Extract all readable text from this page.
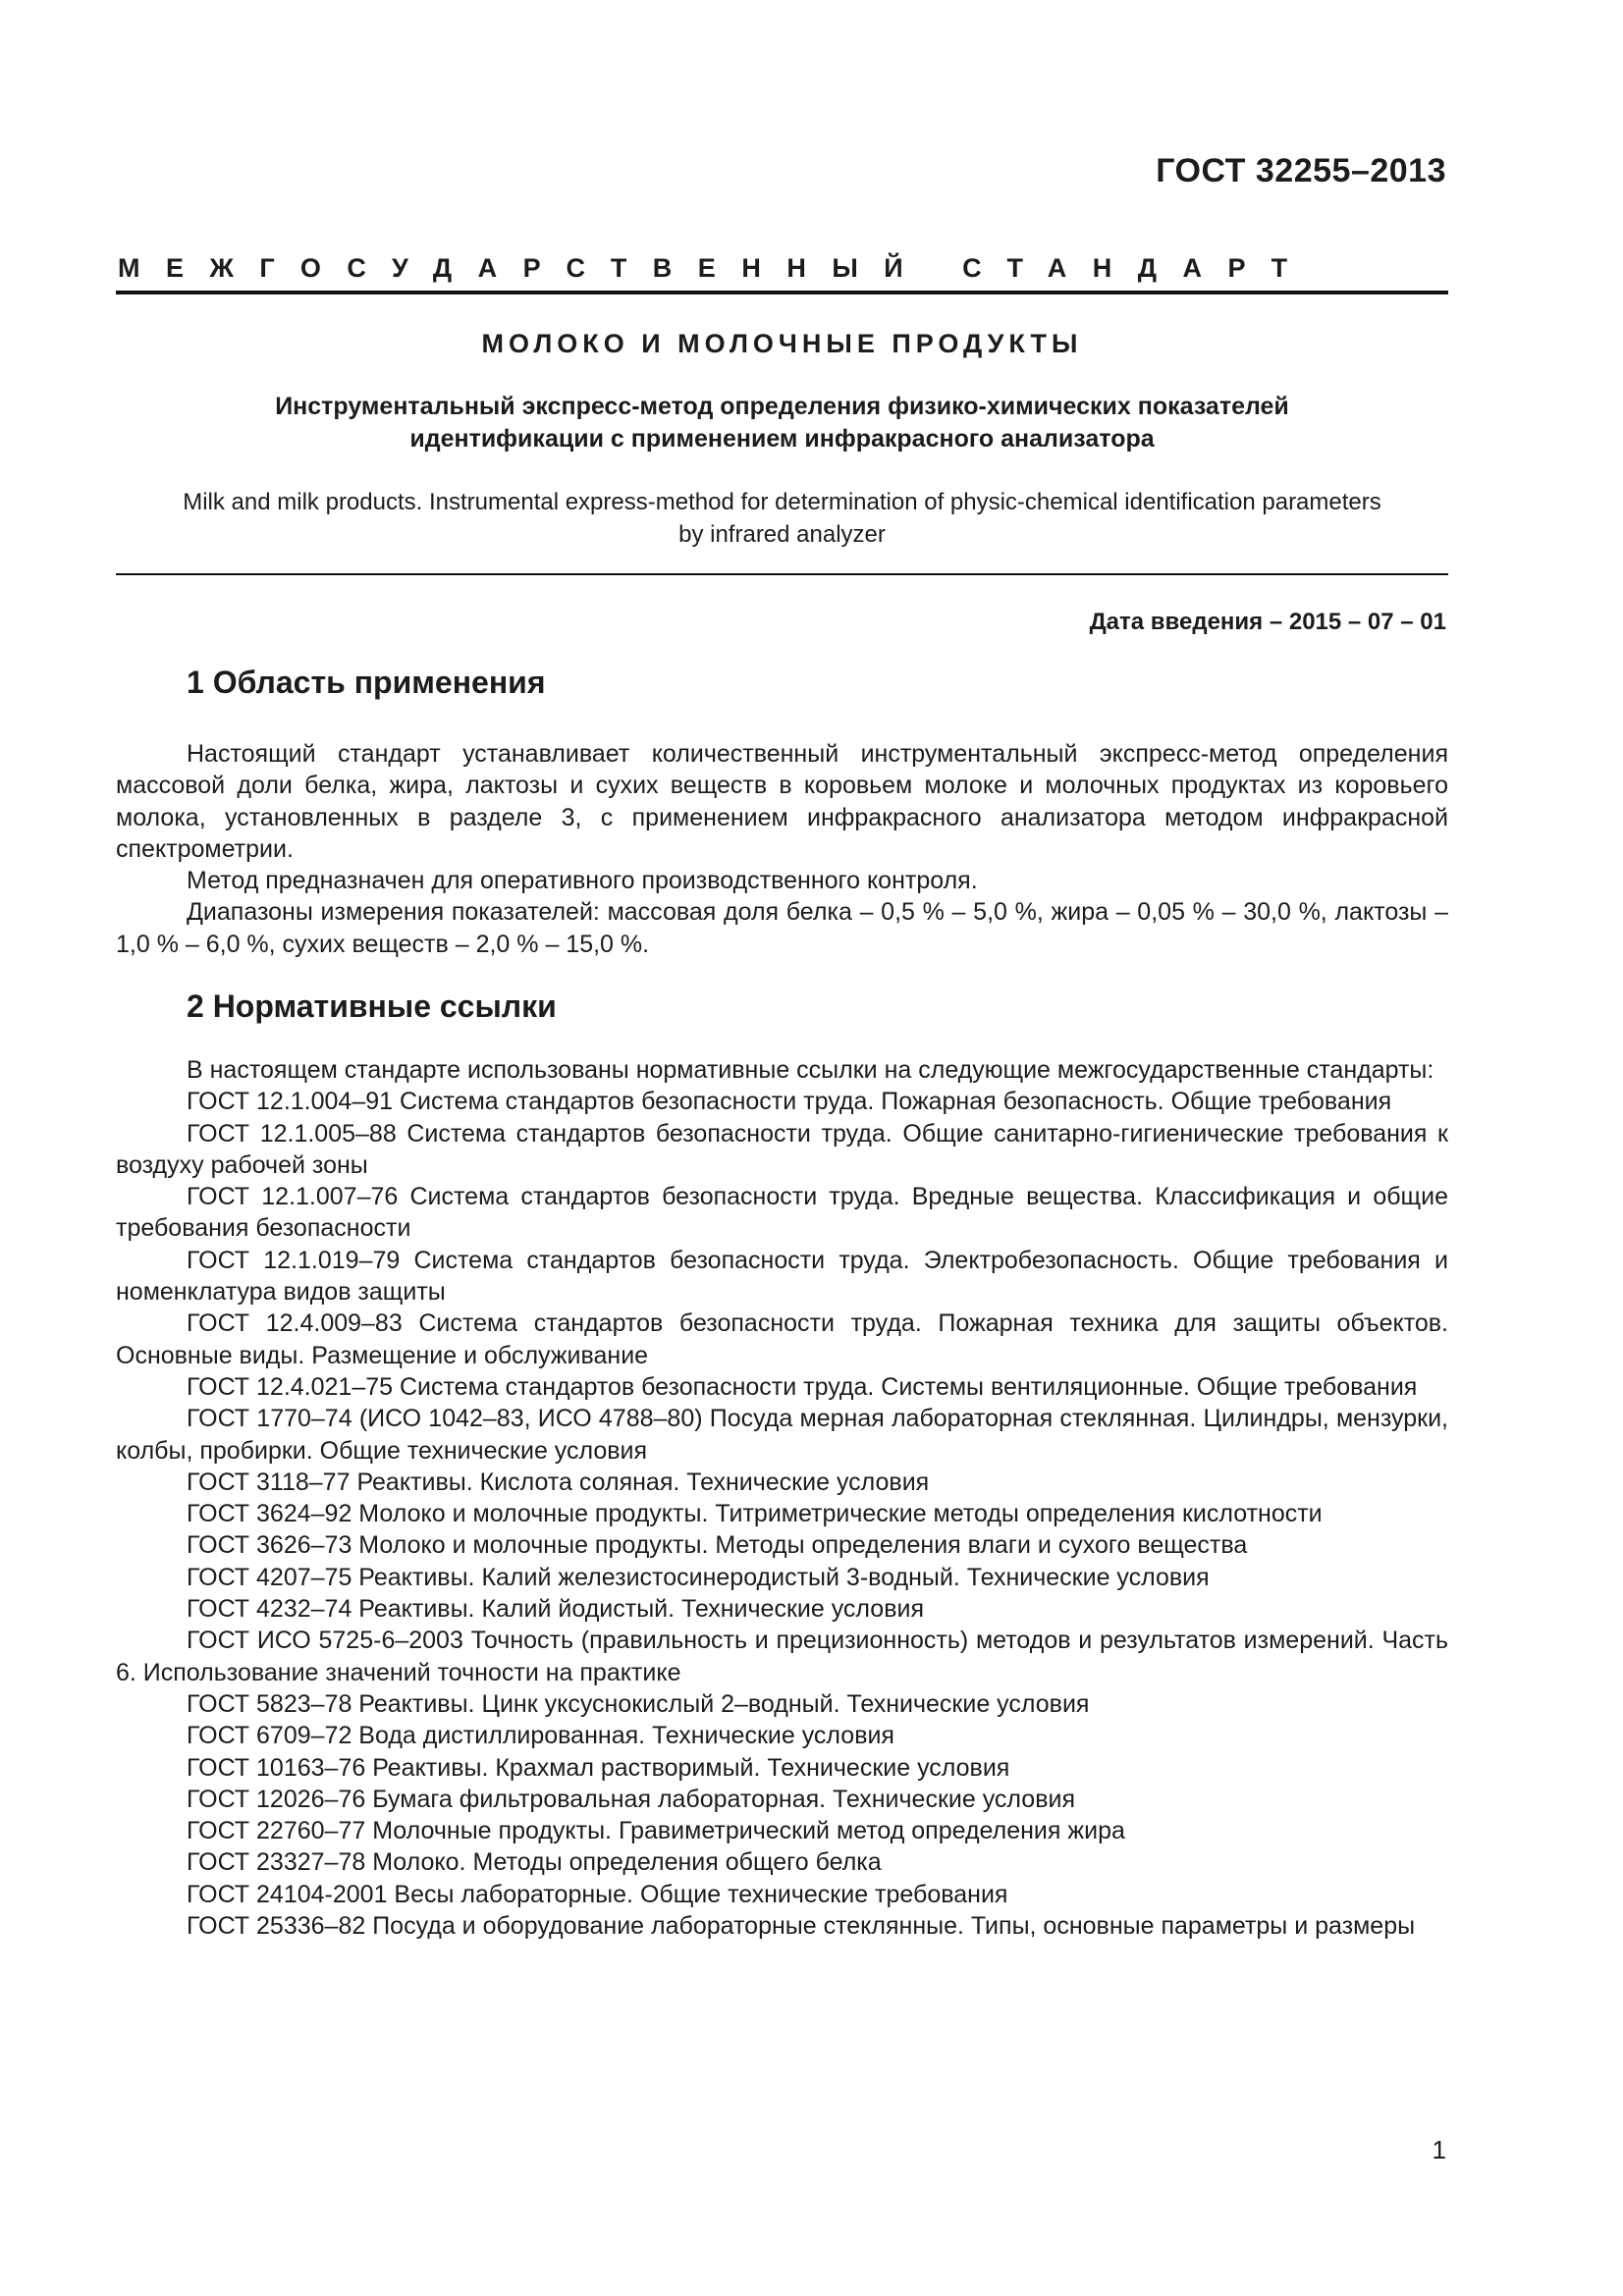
ГОСТ 32255–2013
МЕЖГОСУДАРСТВЕННЫЙ СТАНДАРТ
МОЛОКО И МОЛОЧНЫЕ ПРОДУКТЫ
Инструментальный экспресс-метод определения физико-химических показателей
идентификации с применением инфракрасного анализатора
Milk and milk products. Instrumental express-method for determination of physic-chemical identification parameters
by infrared analyzer
Дата введения – 2015 – 07 – 01
1 Область применения

Настоящий стандарт устанавливает количественный инструментальный экспресс-метод определения массовой доли белка, жира, лактозы и сухих веществ в коровьем молоке и молочных продуктах из коровьего молока, установленных в разделе 3, с применением инфракрасного анализатора методом инфракрасной спектрометрии.

Метод предназначен для оперативного производственного контроля.

Диапазоны измерения показателей: массовая доля белка – 0,5 % – 5,0 %, жира – 0,05 % – 30,0 %, лактозы – 1,0 % – 6,0 %, сухих веществ – 2,0 % – 15,0 %.

2 Нормативные ссылки

В настоящем стандарте использованы нормативные ссылки на следующие межгосударственные стандарты:

ГОСТ 12.1.004–91 Система стандартов безопасности труда. Пожарная безопасность. Общие требования

ГОСТ 12.1.005–88 Система стандартов безопасности труда. Общие санитарно-гигиенические требования к воздуху рабочей зоны

ГОСТ 12.1.007–76 Система стандартов безопасности труда. Вредные вещества. Классификация и общие требования безопасности

ГОСТ 12.1.019–79 Система стандартов безопасности труда. Электробезопасность. Общие требования и номенклатура видов защиты

ГОСТ 12.4.009–83 Система стандартов безопасности труда. Пожарная техника для защиты объектов. Основные виды. Размещение и обслуживание

ГОСТ 12.4.021–75 Система стандартов безопасности труда. Системы вентиляционные. Общие требования

ГОСТ 1770–74 (ИСО 1042–83, ИСО 4788–80) Посуда мерная лабораторная стеклянная. Цилиндры, мензурки, колбы, пробирки. Общие технические условия

ГОСТ 3118–77 Реактивы. Кислота соляная. Технические условия

ГОСТ 3624–92 Молоко и молочные продукты. Титриметрические методы определения кислотности

ГОСТ 3626–73 Молоко и молочные продукты. Методы определения влаги и сухого вещества

ГОСТ 4207–75 Реактивы. Калий железистосинеродистый 3-водный. Технические условия

ГОСТ 4232–74 Реактивы. Калий йодистый. Технические условия

ГОСТ ИСО 5725-6–2003 Точность (правильность и прецизионность) методов и результатов измерений. Часть 6. Использование значений точности на практике

ГОСТ 5823–78 Реактивы. Цинк уксуснокислый 2–водный. Технические условия

ГОСТ 6709–72 Вода дистиллированная. Технические условия

ГОСТ 10163–76 Реактивы. Крахмал растворимый. Технические условия

ГОСТ 12026–76 Бумага фильтровальная лабораторная. Технические условия

ГОСТ 22760–77 Молочные продукты. Гравиметрический метод определения жира

ГОСТ 23327–78 Молоко. Методы определения общего белка

ГОСТ 24104-2001 Весы лабораторные. Общие технические требования

ГОСТ 25336–82 Посуда и оборудование лабораторные стеклянные. Типы, основные параметры и размеры

1
